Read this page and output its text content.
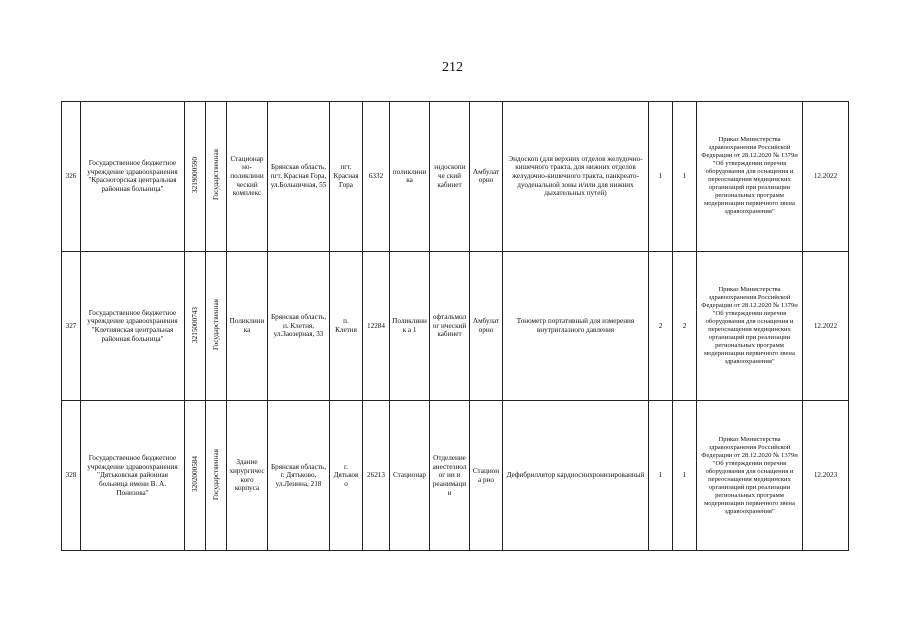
212
326	Государственное бюджетное учреждение здравоохранения "Красногорская центральная районная больница"	3219000590	Государственная	Стационар но-поликлини ческий комплекс	Брянская область, пгт. Красная Гора, ул.Больничная, 55	пгт. Красная Гора	6332	поликлиника	эндоскопиче ский кабинет	Амбулат орно	Эндоскоп (для верхних отделов желудочно-кишечного тракта, для нижних отделов желудочно-кишечного тракта, панкреато-дуоденальной зоны и/или для нижних дыхательных путей)	1	1	Приказ Министерства здравоохранения Российской Федерации от 28.12.2020 № 1379н "Об утверждении перечня оборудования для оснащения и переоснащения медицинских организаций при реализации региональных программ модернизации первичного звена здравоохранения"	12.2022
327	Государственное бюджетное учреждение здравоохранения "Клетнянская центральная районная больница"	3215000743	Государственная	Поликлини ка	Брянская область, п. Клетня, ул.Заозерная, 33	п. Клетня	12284	Поликлиник а 1	офтальмолог ический кабинет	Амбулат орно	Тонометр портативный для измерения внутриглазного давления	2	2	Приказ Министерства здравоохранения Российской Федерации от 28.12.2020 № 1379н "Об утверждении перечня оборудования для оснащения и переоснащения медицинских организаций при реализации региональных программ модернизации первичного звена здравоохранения"	12.2022
328	Государственное бюджетное учреждение здравоохранения "Дятьковская районная больница имени В. А. Понизова"	3202000584	Государственная	Здание хирургичес кого корпуса	Брянская область, г. Дятьково, ул.Ленина, 218	г. Дятьково	26213	Стационар	Отделение анестезиолог ии и реанимации	Стациона рно	Дефибриллятор кардиосинхронизированный	1	1	Приказ Министерства здравоохранения Российской Федерации от 28.12.2020 № 1379н "Об утверждении перечня оборудования для оснащения и переоснащения медицинских организаций при реализации региональных программ модернизации первичного звена здравоохранения"	12.2023
